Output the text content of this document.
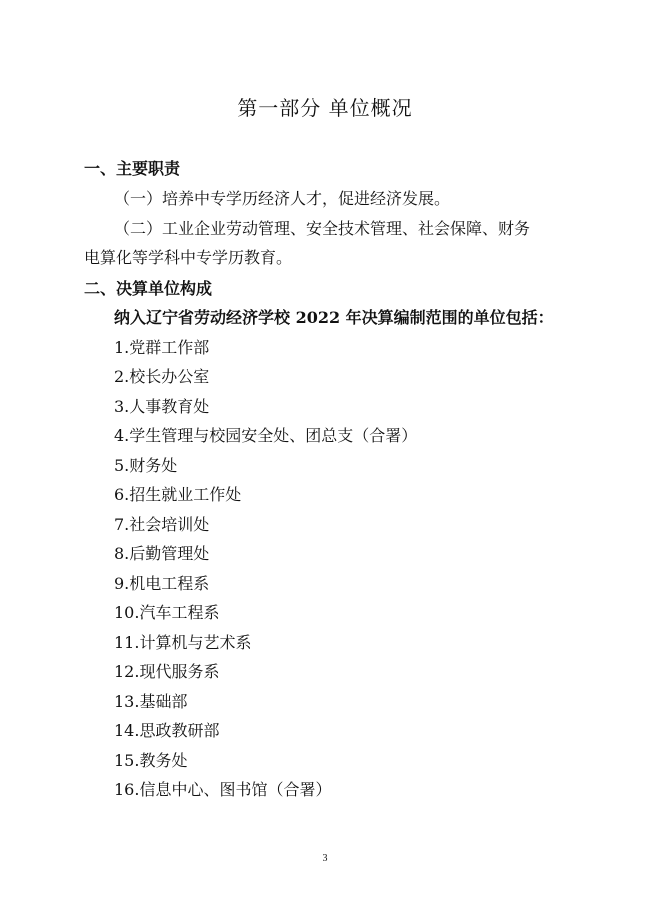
第一部分 单位概况
一、主要职责
（一）培养中专学历经济人才，促进经济发展。
（二）工业企业劳动管理、安全技术管理、社会保障、财务
电算化等学科中专学历教育。
二、决算单位构成
纳入辽宁省劳动经济学校 2022 年决算编制范围的单位包括：
1.党群工作部
2.校长办公室
3.人事教育处
4.学生管理与校园安全处、团总支（合署）
5.财务处
6.招生就业工作处
7.社会培训处
8.后勤管理处
9.机电工程系
10.汽车工程系
11.计算机与艺术系
12.现代服务系
13.基础部
14.思政教研部
15.教务处
16.信息中心、图书馆（合署）
3
